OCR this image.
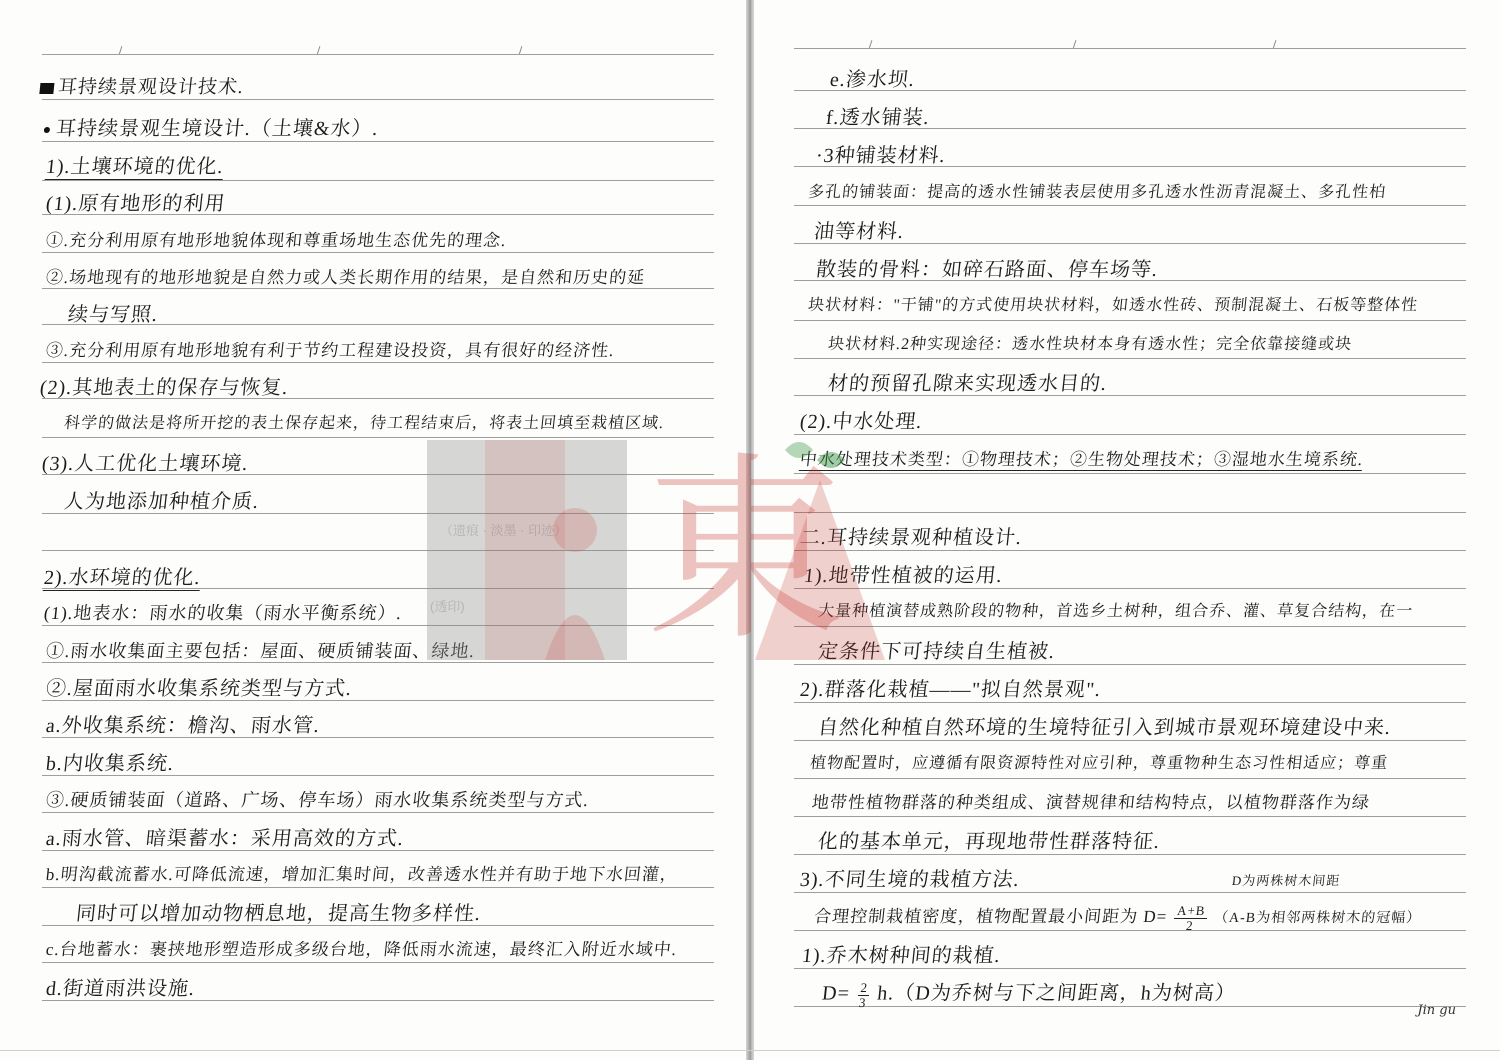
耳持续景观设计技术.
耳持续景观生境设计.（土壤&水）.
1).土壤环境的优化.
(1).原有地形的利用
①.充分利用原有地形地貌体现和尊重场地生态优先的理念.
②.场地现有的地形地貌是自然力或人类长期作用的结果，是自然和历史的延
续与写照.
③.充分利用原有地形地貌有利于节约工程建设投资，具有很好的经济性.
(2).其地表土的保存与恢复.
科学的做法是将所开挖的表土保存起来，待工程结束后，将表土回填至栽植区域.
(3).人工优化土壤环境.
人为地添加种植介质.
（遗痕 · 淡墨 · 印迹）
(透印)
2).水环境的优化.
(1).地表水：雨水的收集（雨水平衡系统）.
①.雨水收集面主要包括：屋面、硬质铺装面、绿地.
②.屋面雨水收集系统类型与方式.
a.外收集系统：檐沟、雨水管.
b.内收集系统.
③.硬质铺装面（道路、广场、停车场）雨水收集系统类型与方式.
a.雨水管、暗渠蓄水：采用高效的方式.
b.明沟截流蓄水.可降低流速，增加汇集时间，改善透水性并有助于地下水回灌，
同时可以增加动物栖息地，提高生物多样性.
c.台地蓄水：裹挟地形塑造形成多级台地，降低雨水流速，最终汇入附近水域中.
d.街道雨洪设施.
e.渗水坝.
f.透水铺装.
·3种铺装材料.
多孔的铺装面：提高的透水性铺装表层使用多孔透水性沥青混凝土、多孔性柏
油等材料.
散装的骨料：如碎石路面、停车场等.
块状材料："干铺"的方式使用块状材料，如透水性砖、预制混凝土、石板等整体性
块状材料.2种实现途径：透水性块材本身有透水性；完全依靠接缝或块
材的预留孔隙来实现透水目的.
(2).中水处理.
中水处理技术类型：①物理技术；②生物处理技术；③湿地水生境系统.
二.耳持续景观种植设计.
1).地带性植被的运用.
大量种植演替成熟阶段的物种，首选乡土树种，组合乔、灌、草复合结构，在一
定条件下可持续自生植被.
2).群落化栽植——"拟自然景观".
自然化种植自然环境的生境特征引入到城市景观环境建设中来.
植物配置时，应遵循有限资源特性对应引种，尊重物种生态习性相适应；尊重
地带性植物群落的种类组成、演替规律和结构特点，以植物群落作为绿
化的基本单元，再现地带性群落特征.
3).不同生境的栽植方法.	D为两株树木间距
合理控制栽植密度，植物配置最小间距为 $D= \frac{A+B}{2} (A-B$为相邻两株树木的冠幅）
1).乔木树种间的栽植.
$D= \frac{2}{3} h.(D$为乔树与下之间距离，h为树高）
Jin gu
東
